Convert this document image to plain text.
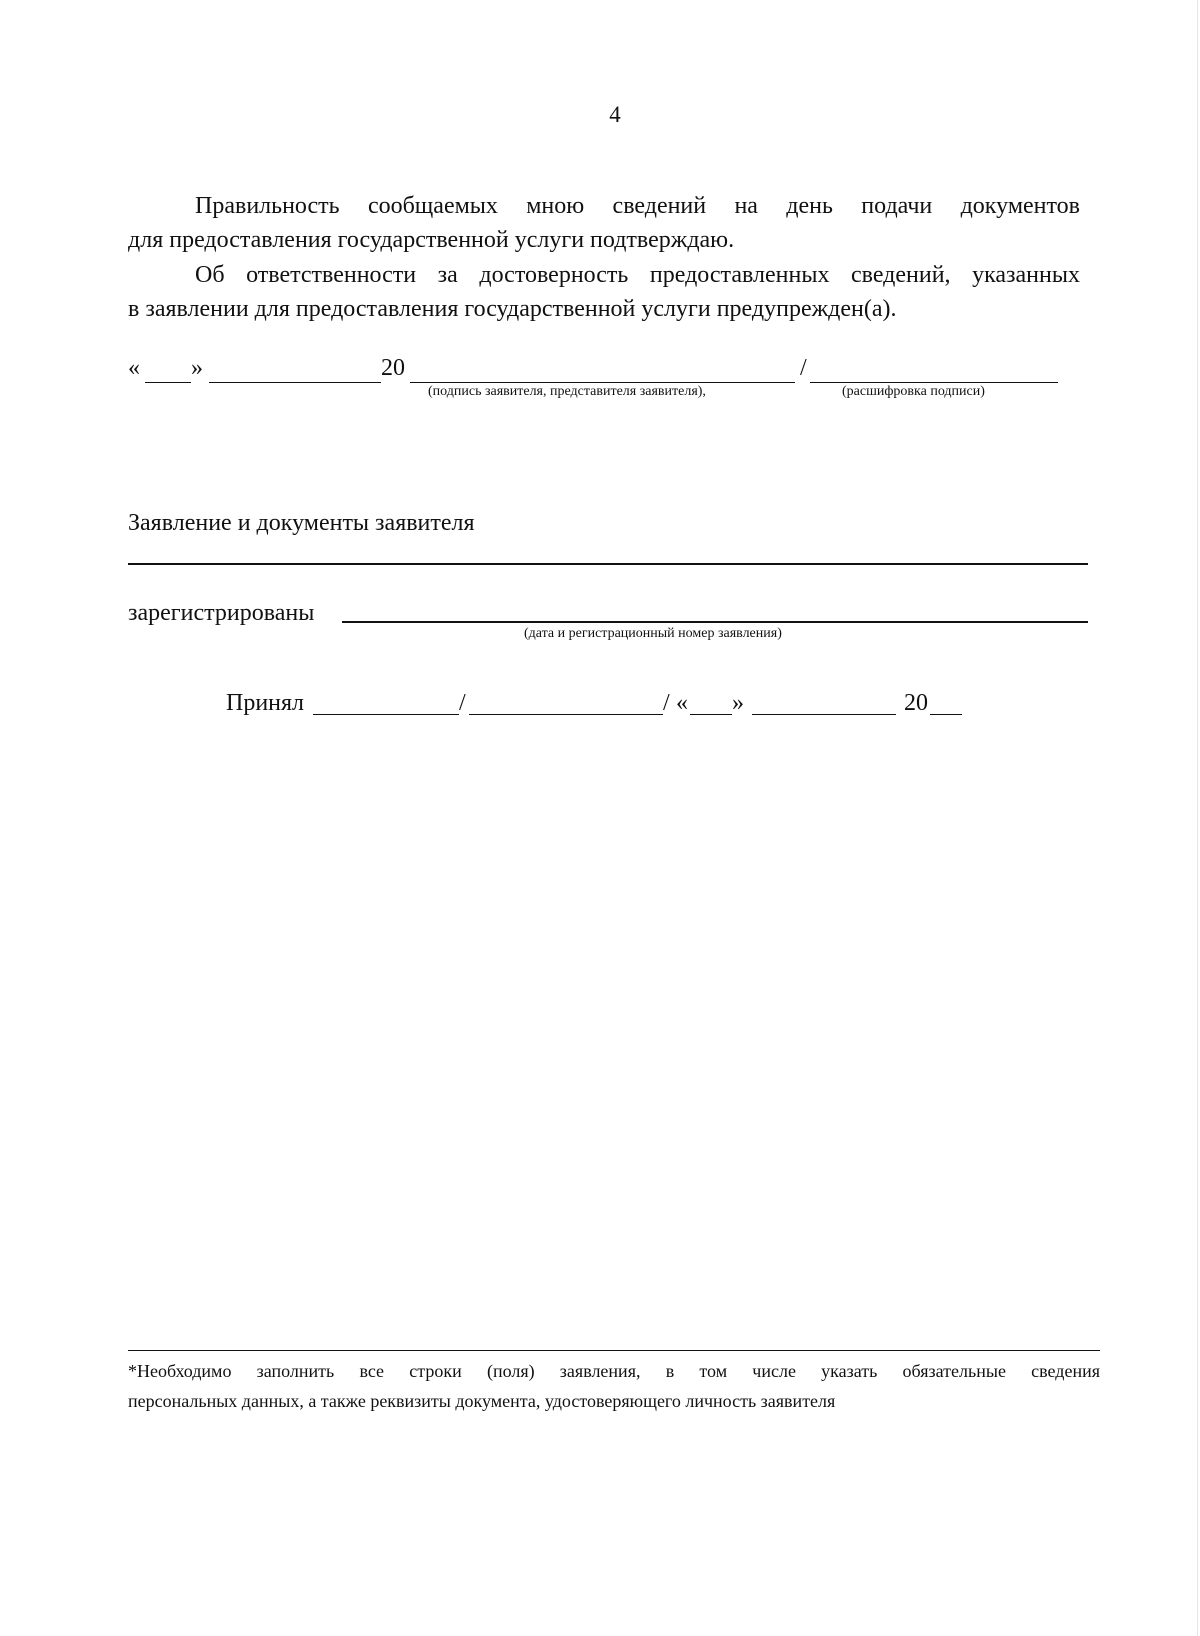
4
Правильность сообщаемых мною сведений на день подачи документов
для предоставления государственной услуги подтверждаю.
Об ответственности за достоверность предоставленных сведений, указанных
в заявлении для предоставления государственной услуги предупрежден(а).
« »	20	/
(подпись заявителя, представителя заявителя),	(расшифровка подписи)
Заявление и документы заявителя
зарегистрированы
(дата и регистрационный номер заявления)
Принял	/	/ « »	20
*Необходимо заполнить все строки (поля) заявления, в том числе указать обязательные сведения
персональных данных, а также реквизиты документа, удостоверяющего личность заявителя
